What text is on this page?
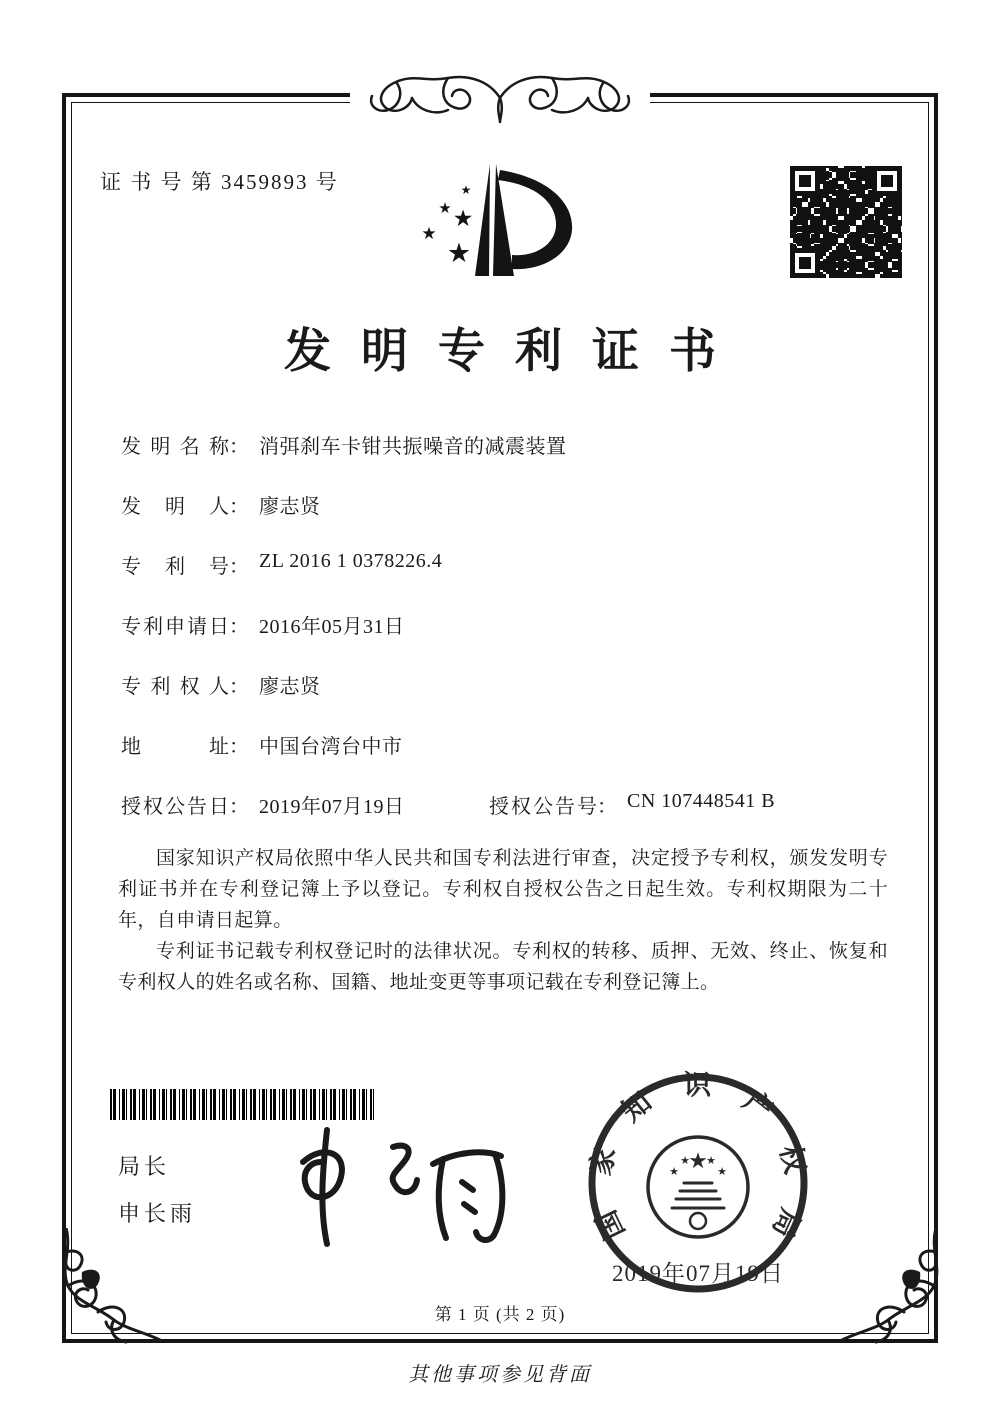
证 书 号 第 3459893 号	★
★ ★
★
★
发明专利证书
发明名称 ： 消弭刹车卡钳共振噪音的减震装置
发明人 ： 廖志贤
专利号 ： ZL 2016 1 0378226.4
专利申请日 ： 2016年05月31日
专利权人 ： 廖志贤
地址 ： 中国台湾台中市
授权公告日 ： 2019年07月19日	授权公告号 ： CN 107448541 B

国家知识产权局依照中华人民共和国专利法进行审查，决定授予专利权，颁发发明专利证书并在专利登记簿上予以登记。专利权自授权公告之日起生效。专利权期限为二十年，自申请日起算。

专利证书记载专利权登记时的法律状况。专利权的转移、质押、无效、终止、恢复和专利权人的姓名或名称、国籍、地址变更等事项记载在专利登记簿上。

局长
申长雨	国家知识产权局
★
★
★ ★
★
2019年07月19日
第 1 页 (共 2 页)
其他事项参见背面
